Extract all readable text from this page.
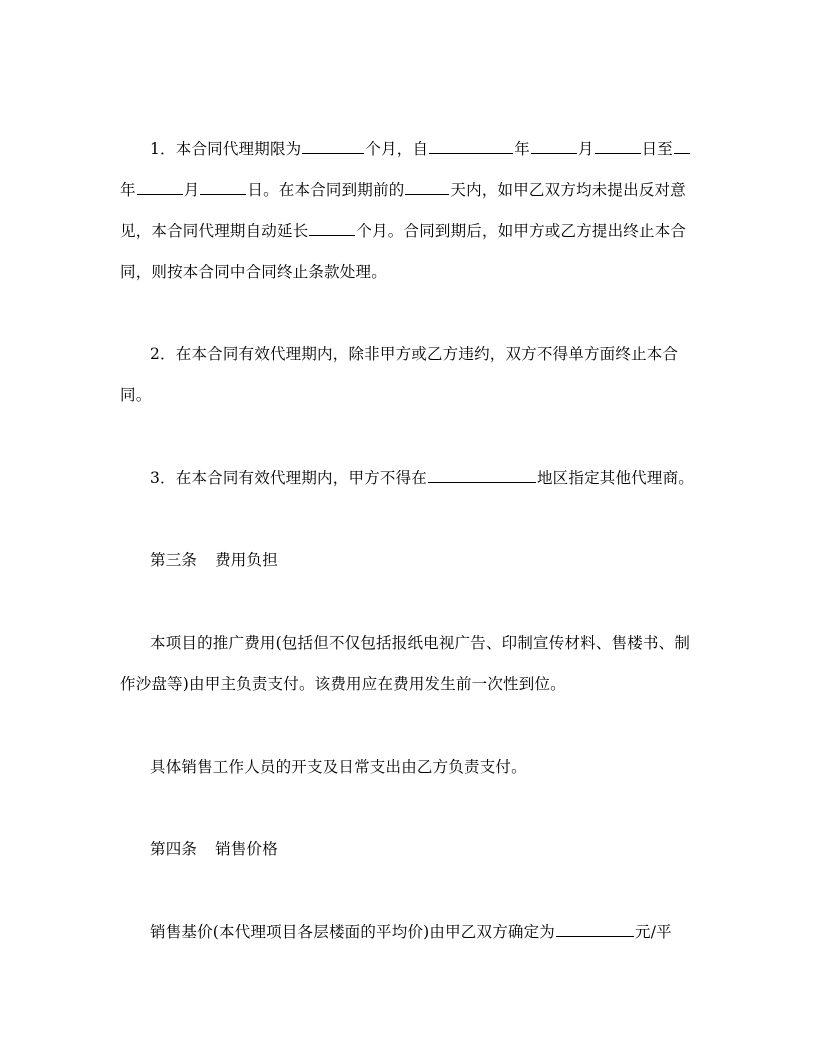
1．本合同代理期限为	个月，自	年	月	日至
年	月	日。在本合同到期前的	天内，如甲乙双方均未提出反对意
见，本合同代理期自动延长	个月。合同到期后，如甲方或乙方提出终止本合
同，则按本合同中合同终止条款处理。
2．在本合同有效代理期内，除非甲方或乙方违约，双方不得单方面终止本合
同。
3．在本合同有效代理期内，甲方不得在	地区指定其他代理商。
第三条 费用负担
本项目的推广费用(包括但不仅包括报纸电视广告、印制宣传材料、售楼书、制
作沙盘等)由甲主负责支付。该费用应在费用发生前一次性到位。
具体销售工作人员的开支及日常支出由乙方负责支付。
第四条 销售价格
销售基价(本代理项目各层楼面的平均价)由甲乙双方确定为	元/平
